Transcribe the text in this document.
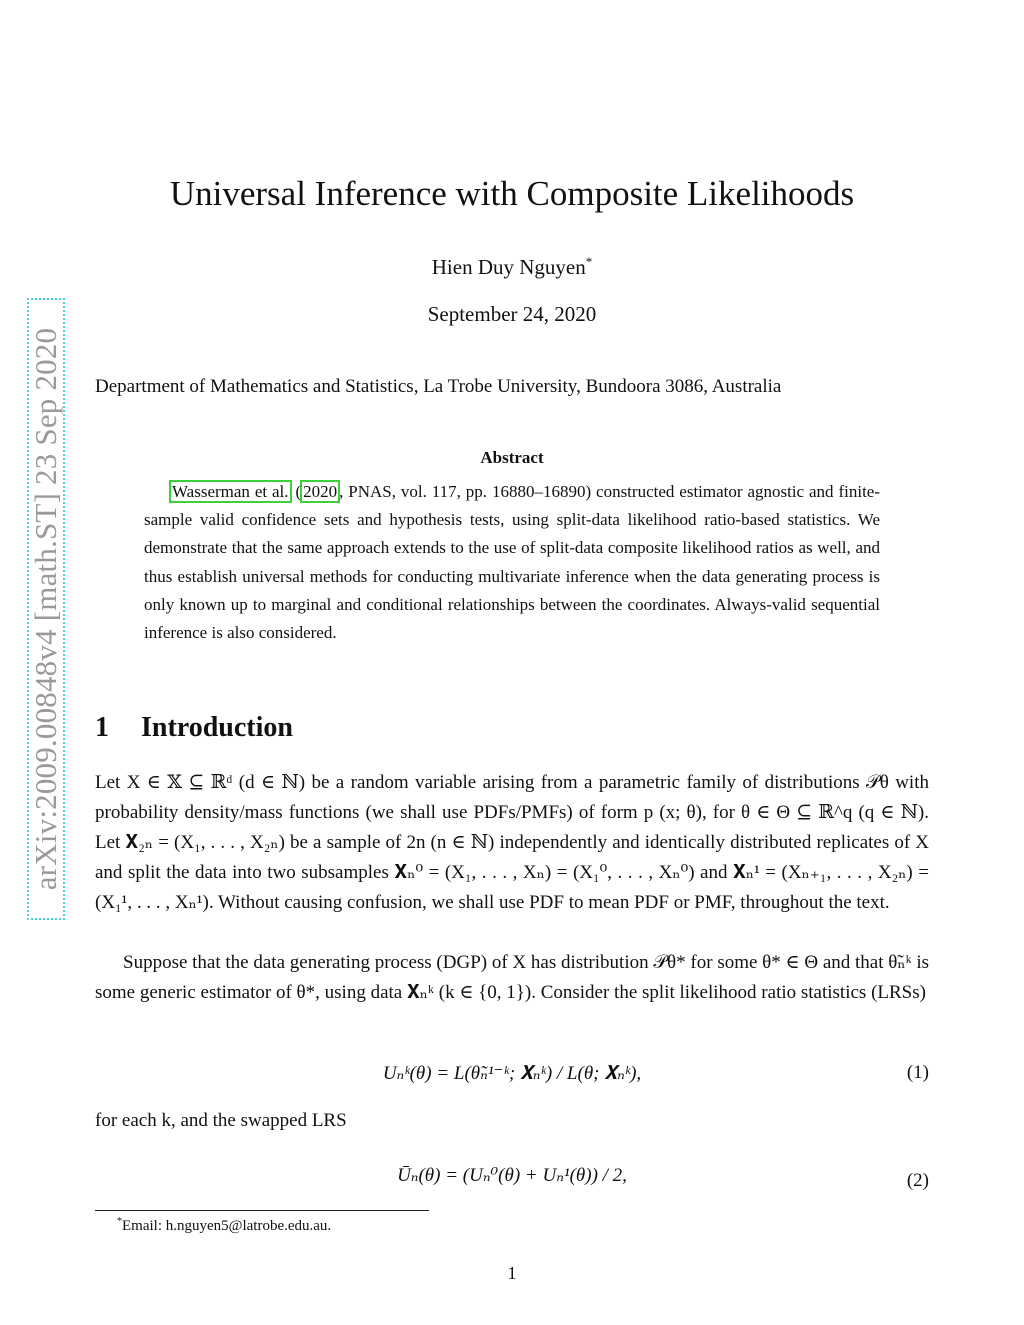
arXiv:2009.00848v4 [math.ST] 23 Sep 2020
Universal Inference with Composite Likelihoods
Hien Duy Nguyen*
September 24, 2020
Department of Mathematics and Statistics, La Trobe University, Bundoora 3086, Australia
Abstract
Wasserman et al. ( 2020 , PNAS, vol. 117, pp. 16880–16890) constructed estimator agnostic and finite-sample valid confidence sets and hypothesis tests, using split-data likelihood ratio-based statistics. We demonstrate that the same approach extends to the use of split-data composite likelihood ratios as well, and thus establish universal methods for conducting multivariate inference when the data generating process is only known up to marginal and conditional relationships between the coordinates. Always-valid sequential inference is also considered.
1 Introduction
Let X ∈ 𝕏 ⊆ ℝᵈ (d ∈ ℕ) be a random variable arising from a parametric family of distributions 𝒫θ with probability density/mass functions (we shall use PDFs/PMFs) of form p (x; θ), for θ ∈ Θ ⊆ ℝ^q (q ∈ ℕ). Let 𝐗₂ₙ = (X₁, . . . , X₂ₙ) be a sample of 2n (n ∈ ℕ) independently and identically distributed replicates of X and split the data into two subsamples 𝐗ₙ⁰ = (X₁, . . . , Xₙ) = (X₁⁰, . . . , Xₙ⁰) and 𝐗ₙ¹ = (Xₙ₊₁, . . . , X₂ₙ) = (X₁¹, . . . , Xₙ¹). Without causing confusion, we shall use PDF to mean PDF or PMF, throughout the text.
Suppose that the data generating process (DGP) of X has distribution 𝒫θ* for some θ* ∈ Θ and that θ̃ₙᵏ is some generic estimator of θ*, using data 𝐗ₙᵏ (k ∈ {0, 1}). Consider the split likelihood ratio statistics (LRSs)
Uₙᵏ(θ) = L(θ̃ₙ¹⁻ᵏ; 𝐗ₙᵏ) / L(θ; 𝐗ₙᵏ),	(1)
for each k, and the swapped LRS
Ūₙ(θ) = (Uₙ⁰(θ) + Uₙ¹(θ)) / 2,	(2)
*Email: h.nguyen5@latrobe.edu.au.
1
